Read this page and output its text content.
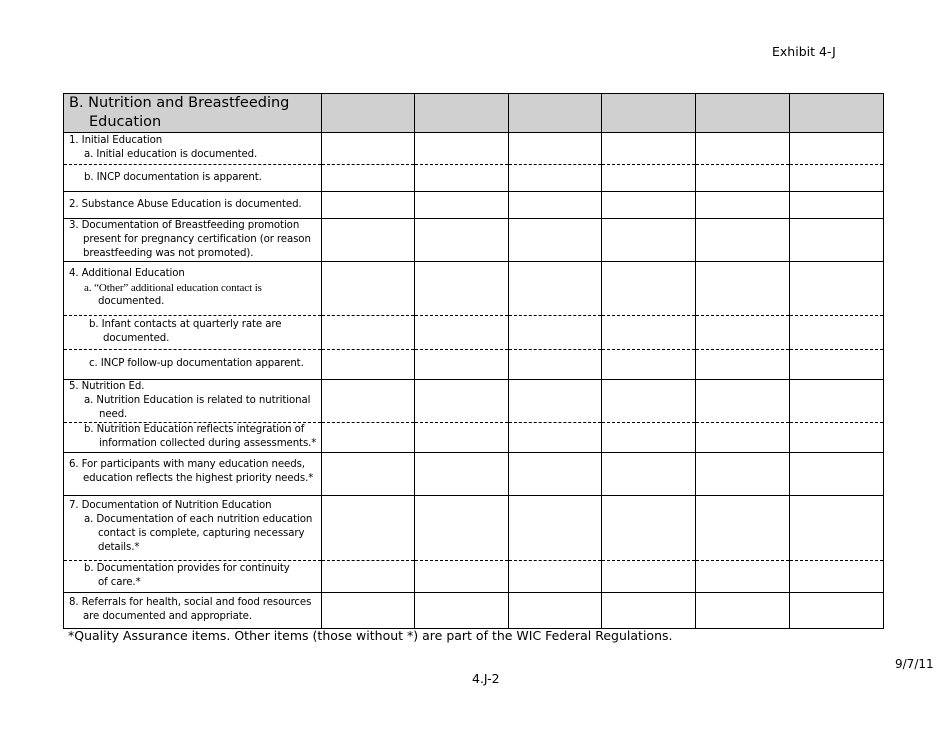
Exhibit 4-J
B. Nutrition and Breastfeeding
Education						

1. Initial Education
a. Initial education is documented.						

b. INCP documentation is apparent.						

2. Substance Abuse Education is documented.						

3. Documentation of Breastfeeding promotion
present for pregnancy certification (or reason
breastfeeding was not promoted).						

4. Additional Education
a. “Other” additional education contact is
documented.						

b. Infant contacts at quarterly rate are
documented.						

c. INCP follow-up documentation apparent.						

5. Nutrition Ed.
a. Nutrition Education is related to nutritional
need.						

b. Nutrition Education reflects integration of
information collected during assessments.*						

6. For participants with many education needs,
education reflects the highest priority needs.*						

7. Documentation of Nutrition Education
a. Documentation of each nutrition education
contact is complete, capturing necessary
details.*						

b. Documentation provides for continuity
of care.*						

8. Referrals for health, social and food resources
are documented and appropriate.						

*Quality Assurance items. Other items (those without *) are part of the WIC Federal Regulations.
9/7/11
4.J-2
